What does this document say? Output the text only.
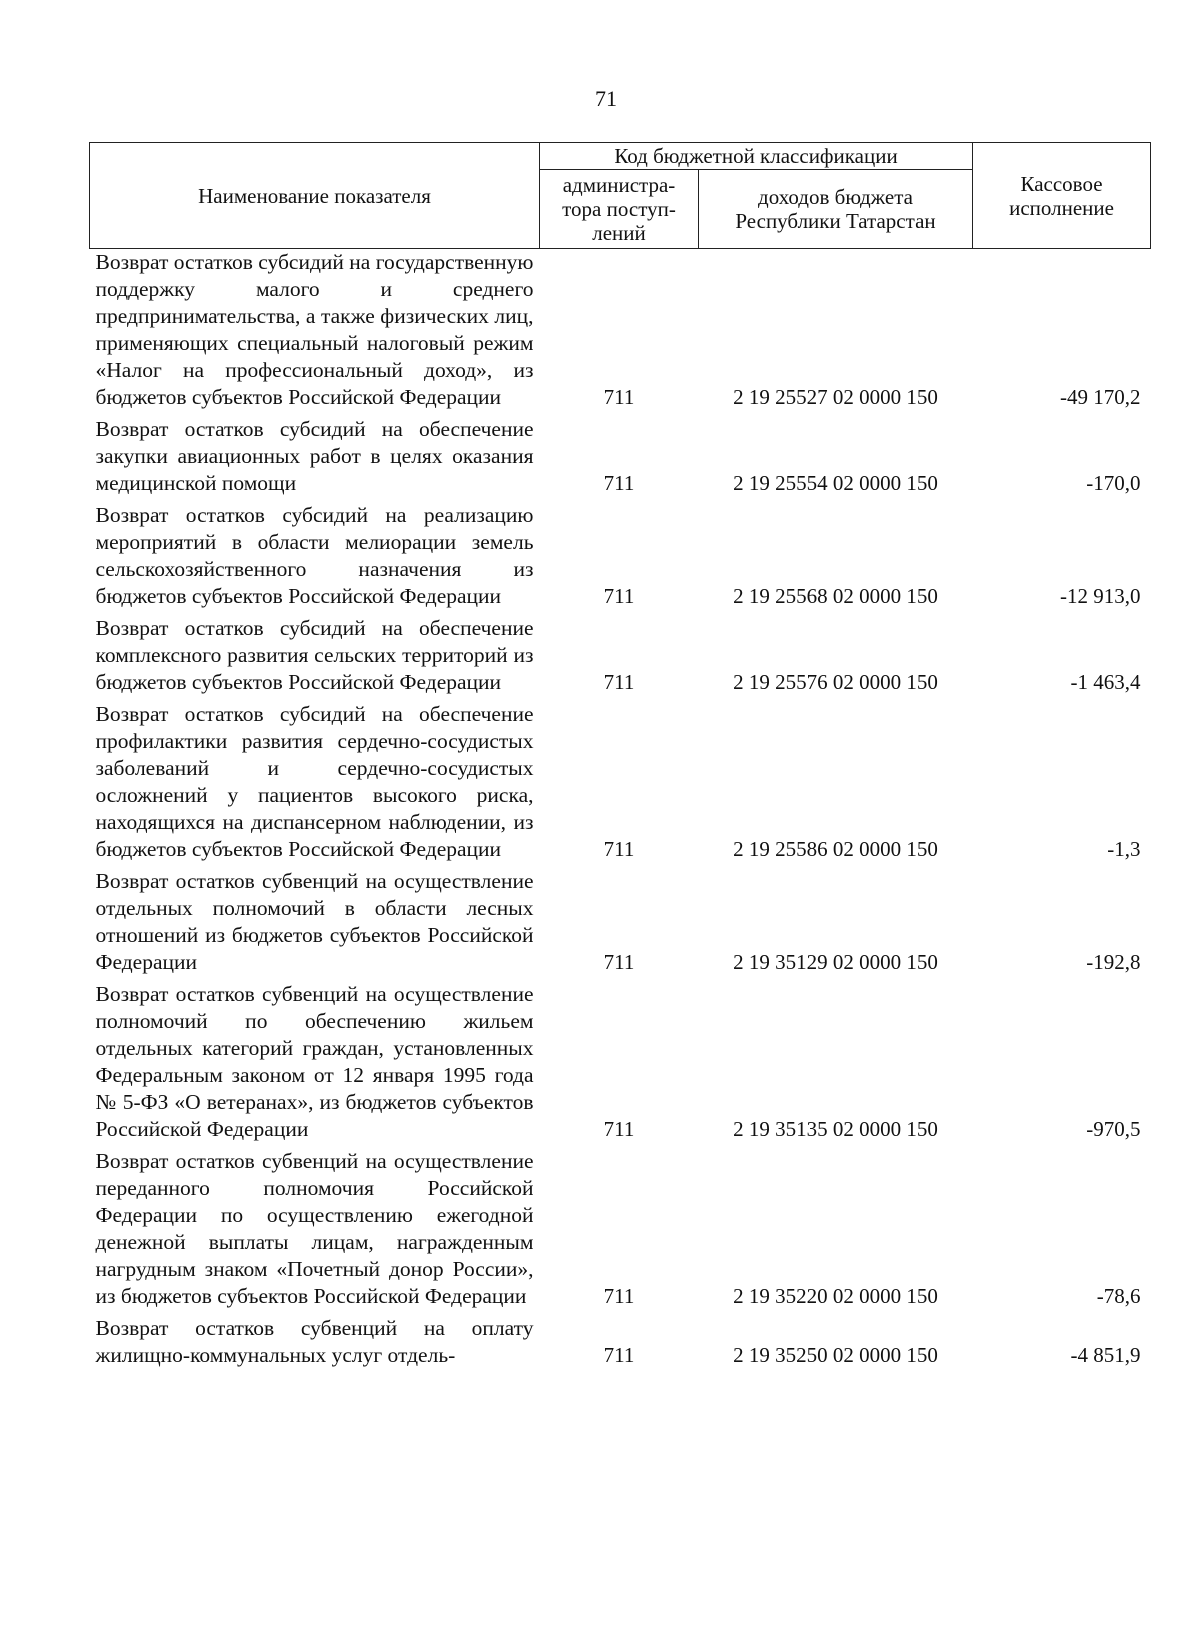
71
Наименование показателя	Код бюджетной классификации		Кассовое исполнение
	администра-тора поступ-лений	доходов бюджета Республики Татарстан	
Возврат остатков субсидий на государственную поддержку малого и среднего предпринимательства, а также физических лиц, применяющих специальный налоговый режим «Налог на профессиональный доход», из бюджетов субъектов Российской Федерации	711	2 19 25527 02 0000 150	-49 170,2
Возврат остатков субсидий на обеспечение закупки авиационных работ в целях оказания медицинской помощи	711	2 19 25554 02 0000 150	-170,0
Возврат остатков субсидий на реализацию мероприятий в области мелиорации земель сельскохозяйственного назначения из бюджетов субъектов Российской Федерации	711	2 19 25568 02 0000 150	-12 913,0
Возврат остатков субсидий на обеспечение комплексного развития сельских территорий из бюджетов субъектов Российской Федерации	711	2 19 25576 02 0000 150	-1 463,4
Возврат остатков субсидий на обеспечение профилактики развития сердечно-сосудистых заболеваний и сердечно-сосудистых осложнений у пациентов высокого риска, находящихся на диспансерном наблюдении, из бюджетов субъектов Российской Федерации	711	2 19 25586 02 0000 150	-1,3
Возврат остатков субвенций на осуществление отдельных полномочий в области лесных отношений из бюджетов субъектов Российской Федерации	711	2 19 35129 02 0000 150	-192,8
Возврат остатков субвенций на осуществление полномочий по обеспечению жильем отдельных категорий граждан, установленных Федеральным законом от 12 января 1995 года № 5-ФЗ «О ветеранах», из бюджетов субъектов Российской Федерации	711	2 19 35135 02 0000 150	-970,5
Возврат остатков субвенций на осуществление переданного полномочия Российской Федерации по осуществлению ежегодной денежной выплаты лицам, награжденным нагрудным знаком «Почетный донор России», из бюджетов субъектов Российской Федерации	711	2 19 35220 02 0000 150	-78,6
Возврат остатков субвенций на оплату жилищно-коммунальных услуг отдель-	711	2 19 35250 02 0000 150	-4 851,9
